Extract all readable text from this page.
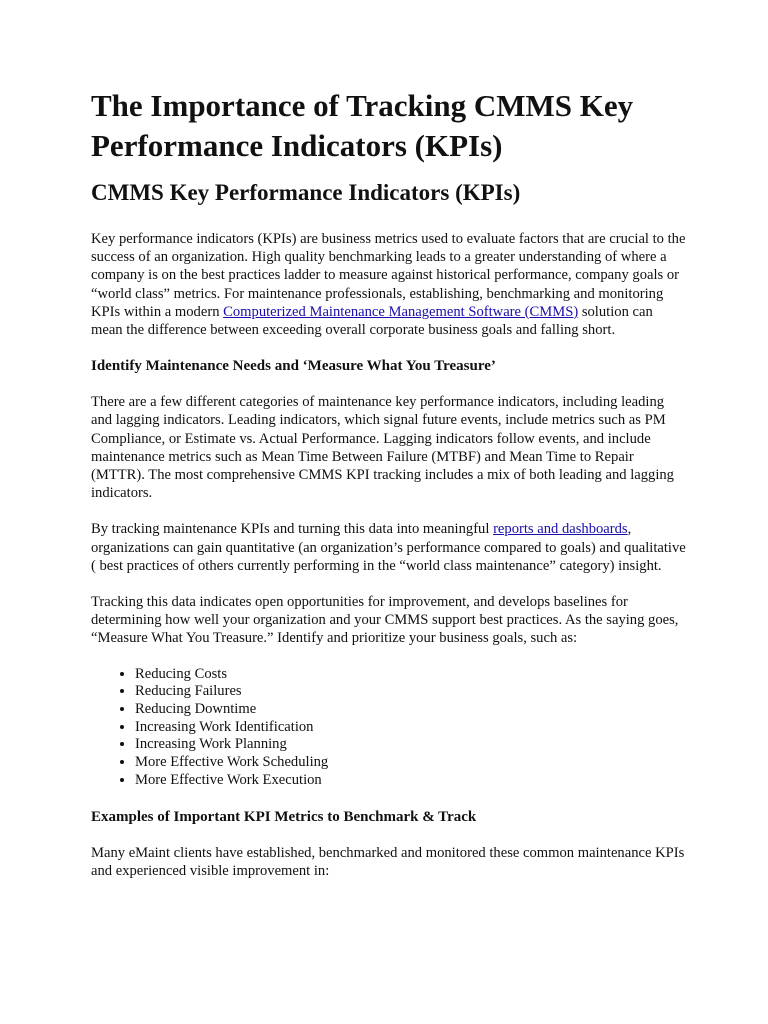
The Importance of Tracking CMMS Key Performance Indicators (KPIs)
CMMS Key Performance Indicators (KPIs)

Key performance indicators (KPIs) are business metrics used to evaluate factors that are crucial to the success of an organization. High quality benchmarking leads to a greater understanding of where a company is on the best practices ladder to measure against historical performance, company goals or “world class” metrics. For maintenance professionals, establishing, benchmarking and monitoring KPIs within a modern Computerized Maintenance Management Software (CMMS) solution can mean the difference between exceeding overall corporate business goals and falling short.

Identify Maintenance Needs and ‘Measure What You Treasure’

There are a few different categories of maintenance key performance indicators, including leading and lagging indicators. Leading indicators, which signal future events, include metrics such as PM Compliance, or Estimate vs. Actual Performance. Lagging indicators follow events, and include maintenance metrics such as Mean Time Between Failure (MTBF) and Mean Time to Repair (MTTR). The most comprehensive CMMS KPI tracking includes a mix of both leading and lagging indicators.

By tracking maintenance KPIs and turning this data into meaningful reports and dashboards, organizations can gain quantitative (an organization’s performance compared to goals) and qualitative ( best practices of others currently performing in the “world class maintenance” category) insight.

Tracking this data indicates open opportunities for improvement, and develops baselines for determining how well your organization and your CMMS support best practices. As the saying goes, “Measure What You Treasure.” Identify and prioritize your business goals, such as:

• Reducing Costs
• Reducing Failures
• Reducing Downtime
• Increasing Work Identification
• Increasing Work Planning
• More Effective Work Scheduling
• More Effective Work Execution
Examples of Important KPI Metrics to Benchmark & Track

Many eMaint clients have established, benchmarked and monitored these common maintenance KPIs and experienced visible improvement in:
